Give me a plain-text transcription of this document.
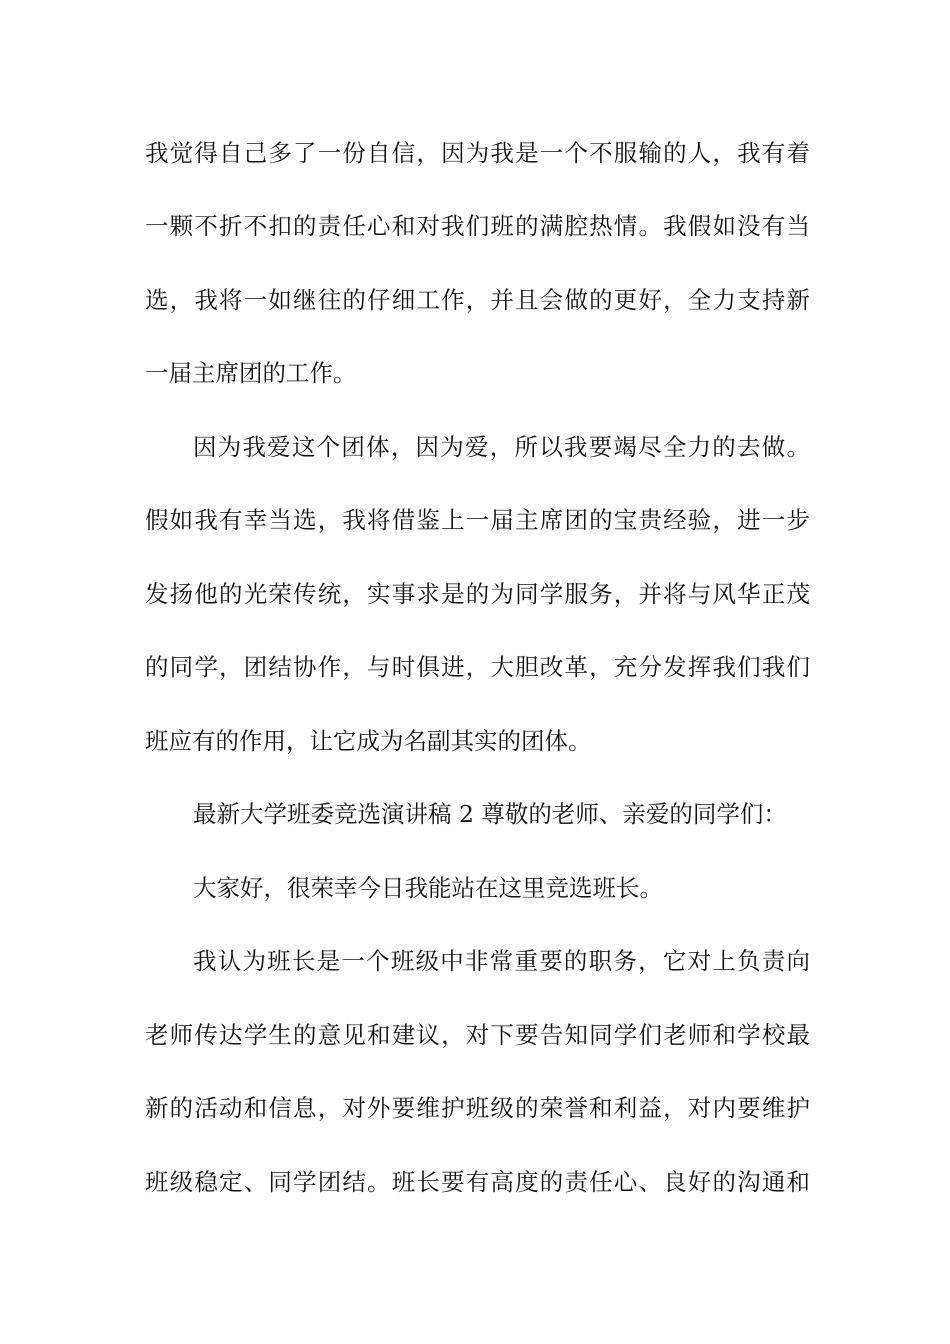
我觉得自己多了一份自信，因为我是一个不服输的人，我有着
一颗不折不扣的责任心和对我们班的满腔热情。我假如没有当
选，我将一如继往的仔细工作，并且会做的更好，全力支持新
一届主席团的工作。
因为我爱这个团体，因为爱，所以我要竭尽全力的去做。
假如我有幸当选，我将借鉴上一届主席团的宝贵经验，进一步
发扬他的光荣传统，实事求是的为同学服务，并将与风华正茂
的同学，团结协作，与时俱进，大胆改革，充分发挥我们我们
班应有的作用，让它成为名副其实的团体。
最新大学班委竞选演讲稿 2 尊敬的老师、亲爱的同学们：
大家好，很荣幸今日我能站在这里竞选班长。
我认为班长是一个班级中非常重要的职务，它对上负责向
老师传达学生的意见和建议，对下要告知同学们老师和学校最
新的活动和信息，对外要维护班级的荣誉和利益，对内要维护
班级稳定、同学团结。班长要有高度的责任心、良好的沟通和
